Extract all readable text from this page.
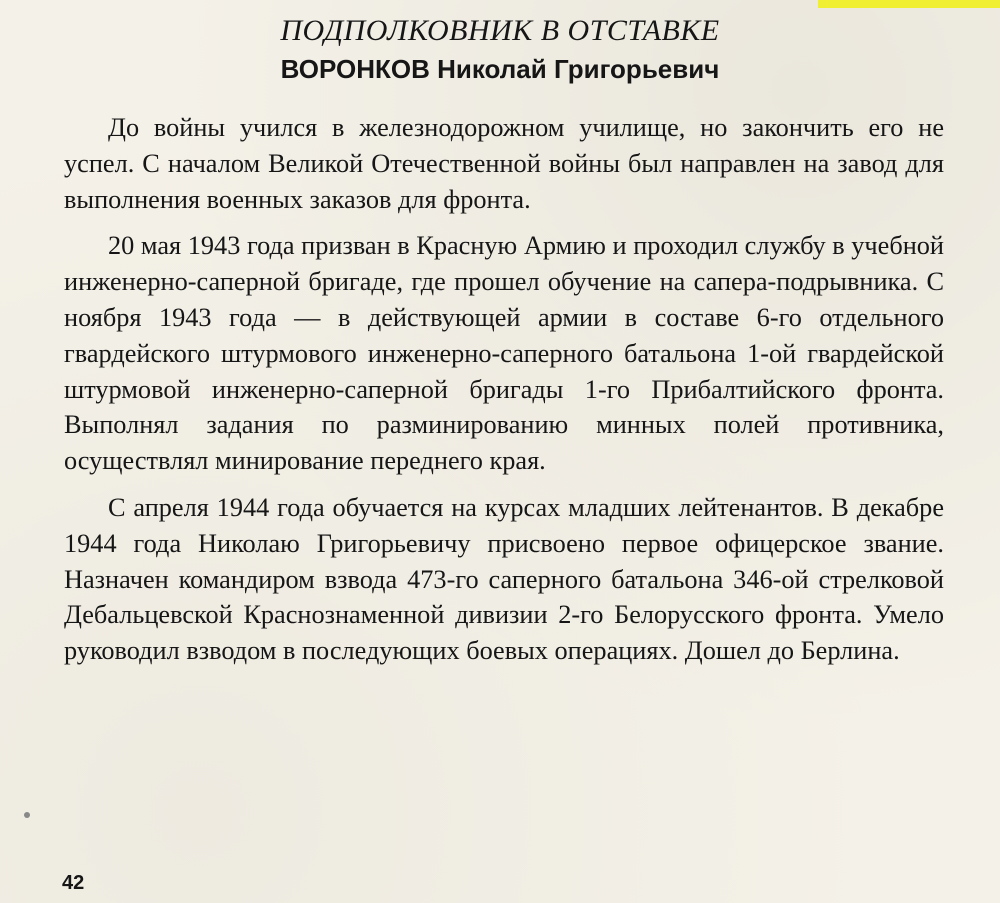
ПОДПОЛКОВНИК В ОТСТАВКЕ
ВОРОНКОВ Николай Григорьевич

До войны учился в железнодорожном училище, но закончить его не успел. С началом Великой Отечественной войны был направлен на завод для выполнения военных заказов для фронта.

20 мая 1943 года призван в Красную Армию и проходил службу в учебной инженерно-саперной бригаде, где прошел обучение на сапера-подрывника. С ноября 1943 года — в действующей армии в составе 6-го отдельного гвардейского штурмового инженерно-саперного батальона 1-ой гвардейской штурмовой инженерно-саперной бригады 1-го Прибалтийского фронта. Выполнял задания по разминированию минных полей противника, осуществлял минирование переднего края.

С апреля 1944 года обучается на курсах младших лейтенантов. В декабре 1944 года Николаю Григорьевичу присвоено первое офицерское звание. Назначен командиром взвода 473-го саперного батальона 346-ой стрелковой Дебальцевской Краснознаменной дивизии 2-го Белорусского фронта. Умело руководил взводом в последующих боевых операциях. Дошел до Берлина.

42
